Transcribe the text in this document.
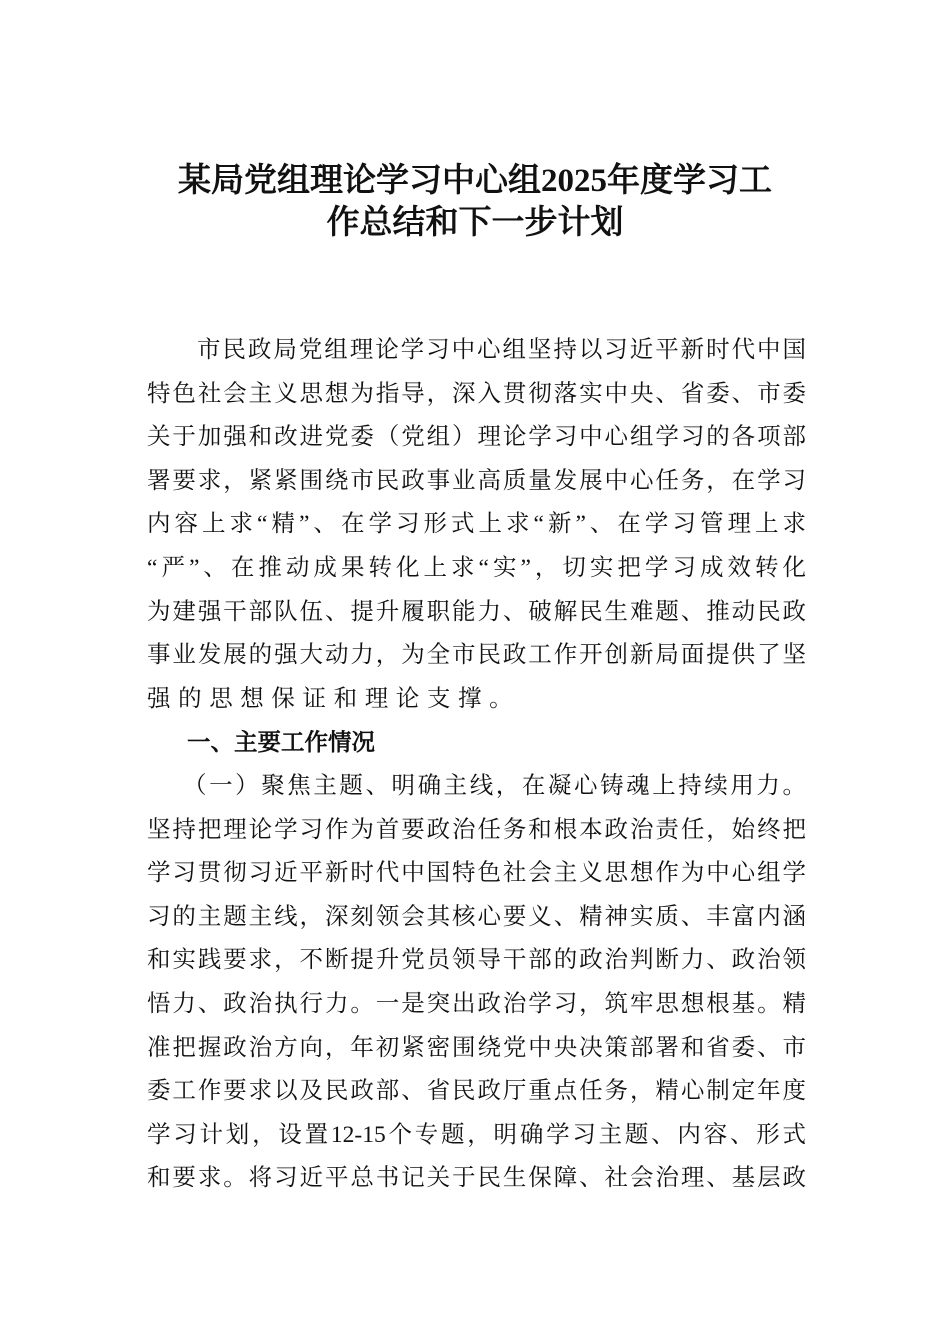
某局党组理论学习中心组2025年度学习工
作总结和下一步计划
市民政局党组理论学习中心组坚持以习近平新时代中国
特色社会主义思想为指导，深入贯彻落实中央、省委、市委
关于加强和改进党委（党组）理论学习中心组学习的各项部
署要求，紧紧围绕市民政事业高质量发展中心任务，在学习
内容上求“精”、在学习形式上求“新”、在学习管理上求
“严”、在推动成果转化上求“实”，切实把学习成效转化
为建强干部队伍、提升履职能力、破解民生难题、推动民政
事业发展的强大动力，为全市民政工作开创新局面提供了坚
强的思想保证和理论支撑。
一、主要工作情况
（一）聚焦主题、明确主线，在凝心铸魂上持续用力。
坚持把理论学习作为首要政治任务和根本政治责任，始终把
学习贯彻习近平新时代中国特色社会主义思想作为中心组学
习的主题主线，深刻领会其核心要义、精神实质、丰富内涵
和实践要求，不断提升党员领导干部的政治判断力、政治领
悟力、政治执行力。一是突出政治学习，筑牢思想根基。精
准把握政治方向，年初紧密围绕党中央决策部署和省委、市
委工作要求以及民政部、省民政厅重点任务，精心制定年度
学习计划，设置12-15个专题，明确学习主题、内容、形式
和要求。将习近平总书记关于民生保障、社会治理、基层政
